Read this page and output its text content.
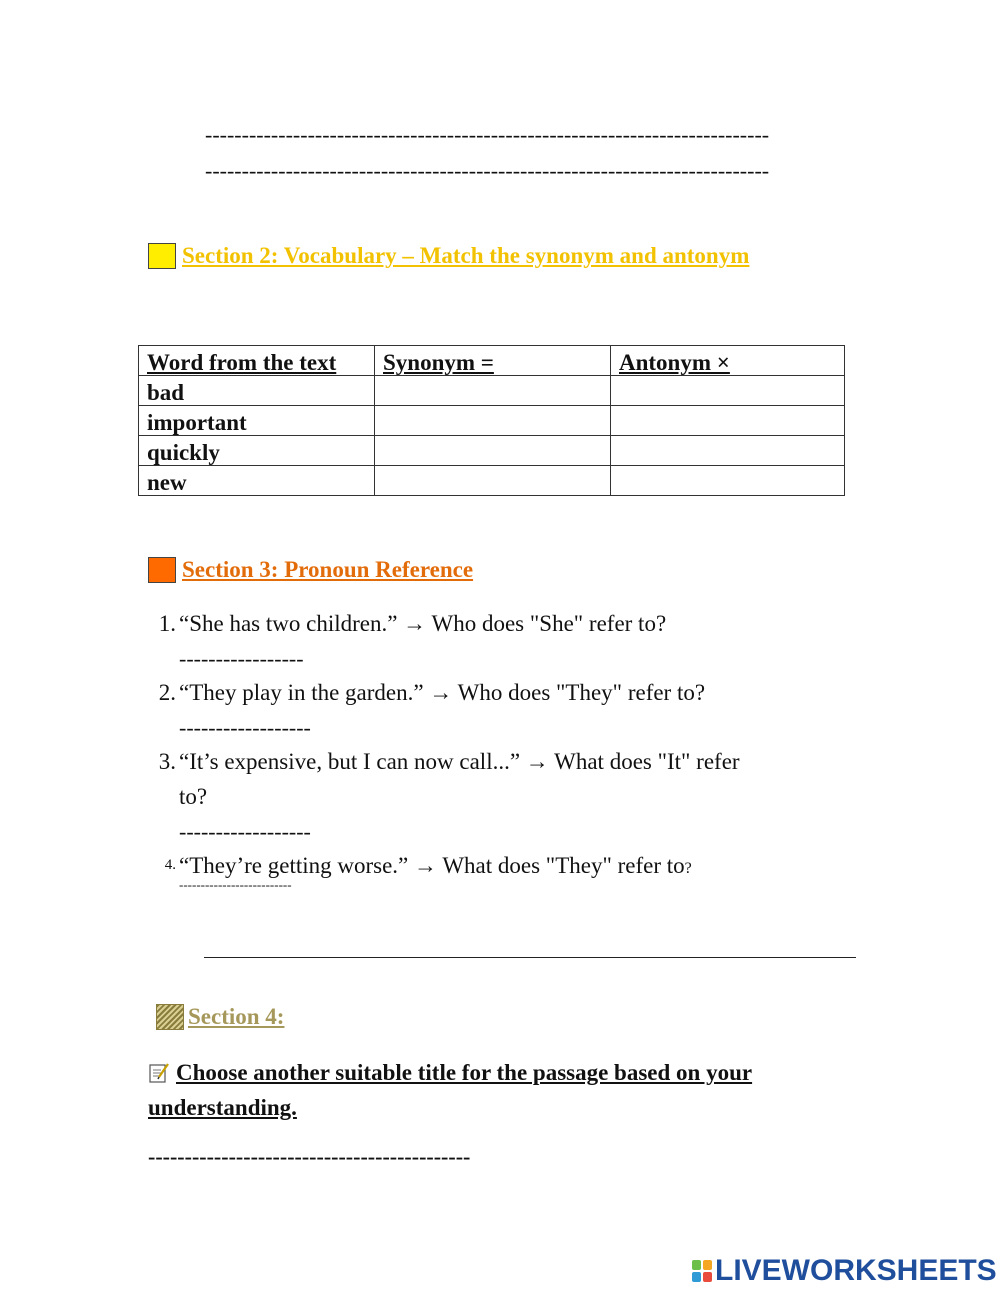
-----------------------------------------------------------------------------
-----------------------------------------------------------------------------
Section 2: Vocabulary – Match the synonym and antonym
Word from the text	Synonym =	Antonym ×
bad		
important		
quickly		
new		
Section 3: Pronoun Reference
1. “She has two children.” → Who does "She" refer to?
-----------------
2. “They play in the garden.” → Who does "They" refer to?
------------------
3. “It’s expensive, but I can now call...” → What does "It" refer
to?
------------------
4. “They’re getting worse.” → What does "They" refer to?
--------------------------
Section 4:
Choose another suitable title for the passage based on your
understanding.
--------------------------------------------
LIVEWORKSHEETS
